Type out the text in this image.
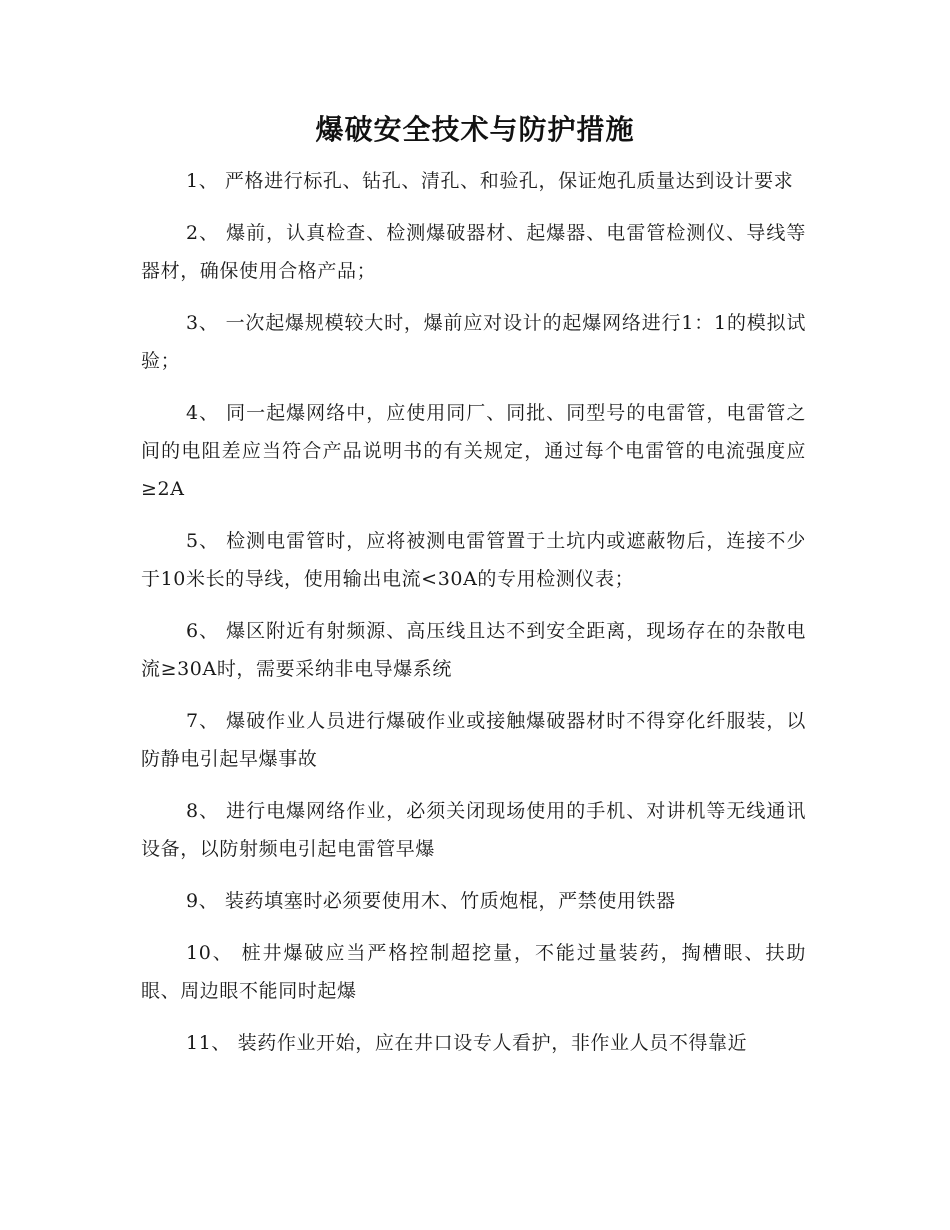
爆破安全技术与防护措施

1、 严格进行标孔、钻孔、清孔、和验孔，保证炮孔质量达到设计要求

2、 爆前，认真检查、检测爆破器材、起爆器、电雷管检测仪、导线等器材，确保使用合格产品；

3、 一次起爆规模较大时，爆前应对设计的起爆网络进行1：1的模拟试验；

4、 同一起爆网络中，应使用同厂、同批、同型号的电雷管，电雷管之间的电阻差应当符合产品说明书的有关规定，通过每个电雷管的电流强度应≥2A

5、 检测电雷管时，应将被测电雷管置于土坑内或遮蔽物后，连接不少于10米长的导线，使用输出电流<30A的专用检测仪表；

6、 爆区附近有射频源、高压线且达不到安全距离，现场存在的杂散电流≥30A时，需要采纳非电导爆系统

7、 爆破作业人员进行爆破作业或接触爆破器材时不得穿化纤服装，以防静电引起早爆事故

8、 进行电爆网络作业，必须关闭现场使用的手机、对讲机等无线通讯设备，以防射频电引起电雷管早爆

9、 装药填塞时必须要使用木、竹质炮棍，严禁使用铁器

10、 桩井爆破应当严格控制超挖量，不能过量装药，掏槽眼、扶助眼、周边眼不能同时起爆

11、 装药作业开始，应在井口设专人看护，非作业人员不得靠近
